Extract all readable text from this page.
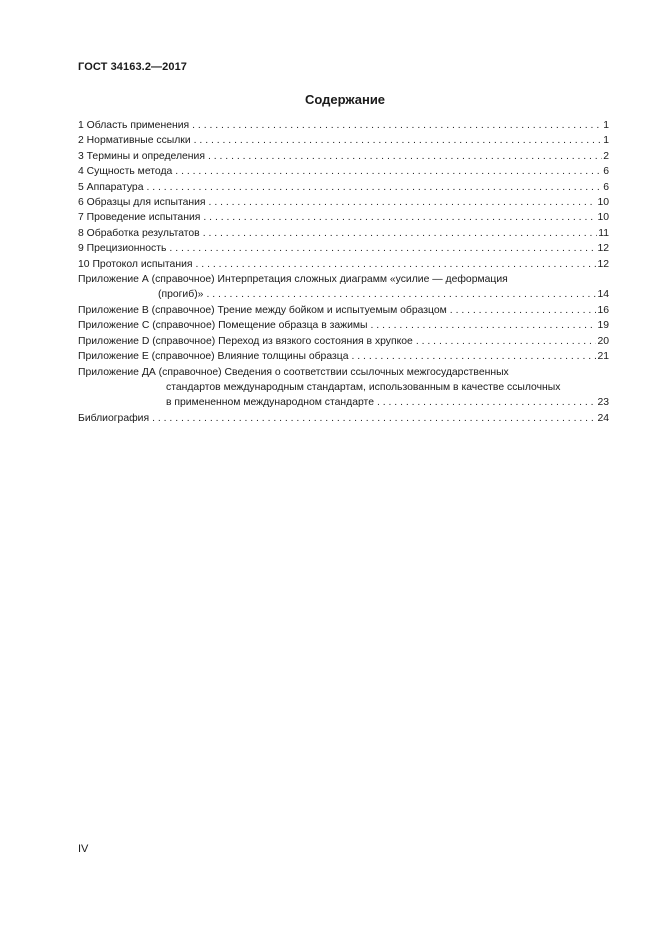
ГОСТ 34163.2—2017
Содержание
1 Область применения . . .	1
2 Нормативные ссылки . . .	1
3 Термины и определения . . .	2
4 Сущность метода . . .	6
5 Аппаратура . . .	6
6 Образцы для испытания . . .	10
7 Проведение испытания . . .	10
8 Обработка результатов . . .	11
9 Прецизионность . . .	12
10 Протокол испытания . . .	12
Приложение А (справочное) Интерпретация сложных диаграмм «усилие — деформация
(прогиб)» . . .	14
Приложение В (справочное) Трение между бойком и испытуемым образцом . . .	16
Приложение С (справочное) Помещение образца в зажимы . . .	19
Приложение D (справочное) Переход из вязкого состояния в хрупкое . . .	20
Приложение Е (справочное) Влияние толщины образца . . .	21
Приложение ДА (справочное) Сведения о соответствии ссылочных межгосударственных
стандартов международным стандартам, использованным в качестве ссылочных
в примененном международном стандарте . . .	23
Библиография . . .	24
IV
